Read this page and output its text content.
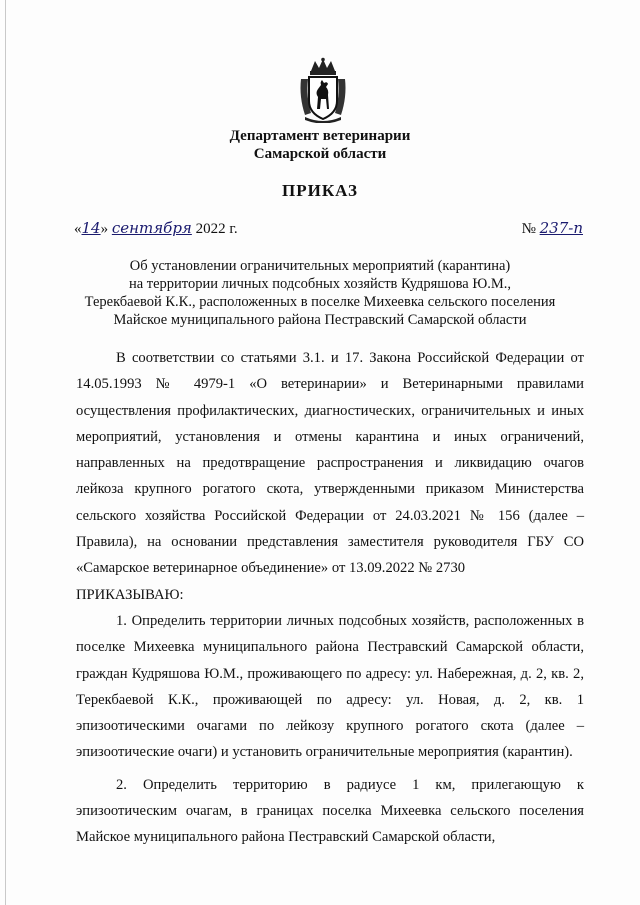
Департамент ветеринарии
Самарской области
ПРИКАЗ
«14» сентября 2022 г.	№ 237-п
Об установлении ограничительных мероприятий (карантина)
на территории личных подсобных хозяйств Кудряшова Ю.М.,
Терекбаевой К.К., расположенных в поселке Михеевка сельского поселения
Майское муниципального района Пестравский Самарской области

В соответствии со статьями 3.1. и 17. Закона Российской Федерации от 14.05.1993 № 4979-1 «О ветеринарии» и Ветеринарными правилами осуществления профилактических, диагностических, ограничительных и иных мероприятий, установления и отмены карантина и иных ограничений, направленных на предотвращение распространения и ликвидацию очагов лейкоза крупного рогатого скота, утвержденными приказом Министерства сельского хозяйства Российской Федерации от 24.03.2021 № 156 (далее – Правила), на основании представления заместителя руководителя ГБУ СО «Самарское ветеринарное объединение» от 13.09.2022 № 2730

ПРИКАЗЫВАЮ:

1. Определить территории личных подсобных хозяйств, расположенных в поселке Михеевка муниципального района Пестравский Самарской области, граждан Кудряшова Ю.М., проживающего по адресу: ул. Набережная, д. 2, кв. 2, Терекбаевой К.К., проживающей по адресу: ул. Новая, д. 2, кв. 1 эпизоотическими очагами по лейкозу крупного рогатого скота (далее – эпизоотические очаги) и установить ограничительные мероприятия (карантин).

2. Определить территорию в радиусе 1 км, прилегающую к эпизоотическим очагам, в границах поселка Михеевка сельского поселения Майское муниципального района Пестравский Самарской области,
